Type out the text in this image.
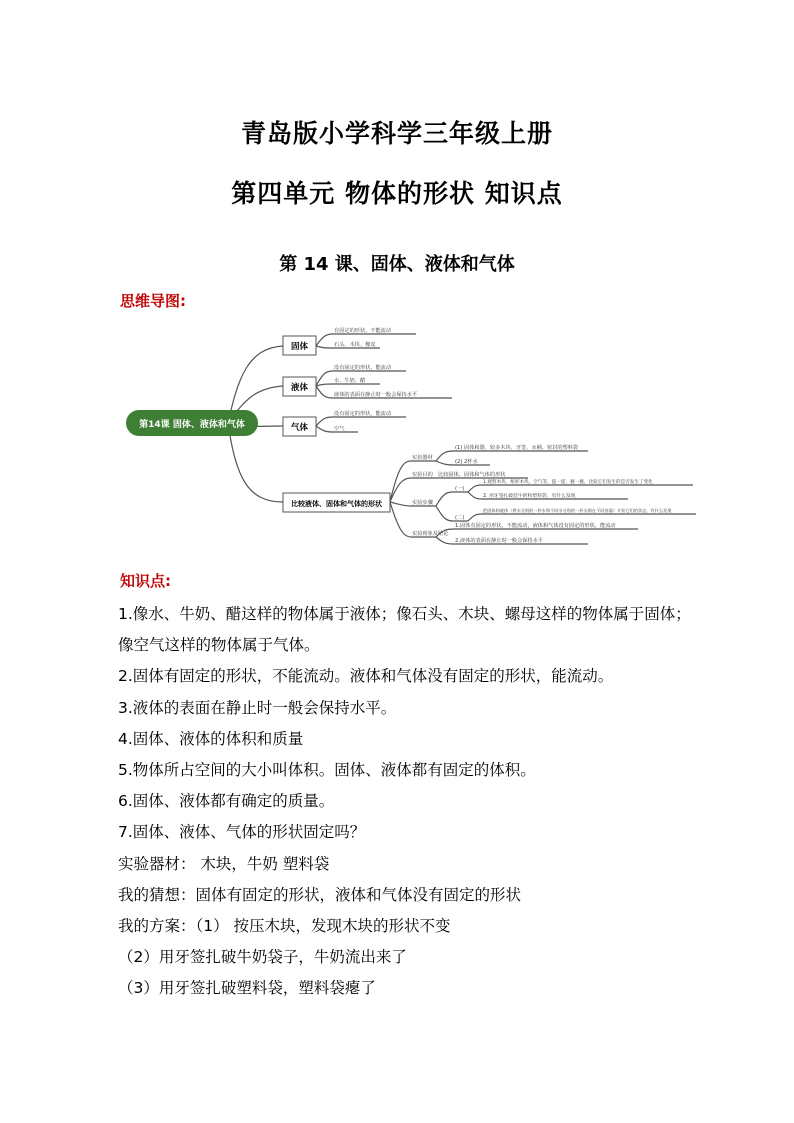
青岛版小学科学三年级上册
第四单元 物体的形状 知识点
第 14 课、固体、液体和气体
思维导图:
第14课 固体、液体和气体
固体
液体
气体
比较液体、固体和气体的形状
有固定的形状、不能流动
石头、木块、橡皮
没有固定的形状，能流动
水、牛奶、醋
液体的表面在静止时一般会保持水平
没有固定的形状，能流动
空气
实验器材
实验目的
实验步骤
实验现象及结论
(1) 固体和器、较多木块、牙签、水桶、密封的塑料袋
(2) 2杯水
比较固体、固体和气体的形状
(一)
(二)
1.观察木块、纸杯木块、空气等，提一提、握一握，比较它们发生的是否发生了变化
2. 用牙签扎破装牛奶和塑料袋、有什么发现
把固体和液体（将水分别的一杯水和不同水分别的一杯水倒在不同容器）开始它们的状态，有什么发现
1.固体有固定的形状，不能流动，液体和气体没有固定的形状，能流动
2.液体的表面在静止时一般会保持水平
知识点:
1.像水、牛奶、醋这样的物体属于液体；像石头、木块、螺母这样的物体属于固体；像空气这样的物体属于气体。
2.固体有固定的形状，不能流动。液体和气体没有固定的形状，能流动。
3.液体的表面在静止时一般会保持水平。
4.固体、液体的体积和质量
5.物体所占空间的大小叫体积。固体、液体都有固定的体积。
6.固体、液体都有确定的质量。
7.固体、液体、气体的形状固定吗？
实验器材： 木块，牛奶 塑料袋
我的猜想：固体有固定的形状，液体和气体没有固定的形状
我的方案：（1） 按压木块，发现木块的形状不变
（2）用牙签扎破牛奶袋子，牛奶流出来了
（3）用牙签扎破塑料袋，塑料袋瘪了
